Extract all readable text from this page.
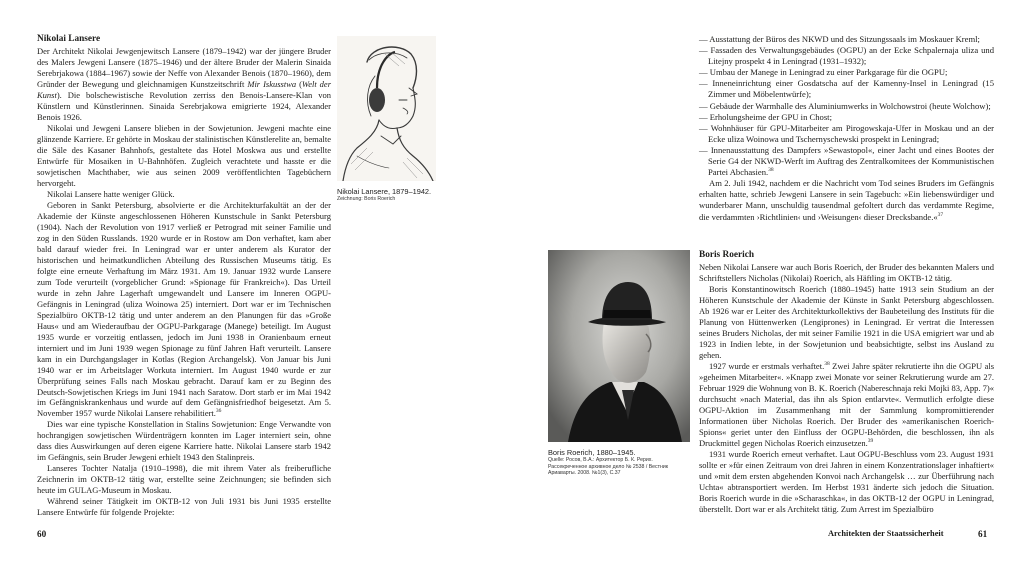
Nikolai Lansere

Der Architekt Nikolai Jewgenjewitsch Lansere (1879–1942) war der jüngere Bruder des Malers Jewgeni Lansere (1875–1946) und der ältere Bruder der Malerin Sinaida Serebrjakowa (1884–1967) sowie der Neffe von Alexander Benois (1870–1960), dem Gründer der Bewegung und gleichnamigen Kunstzeitschrift Mir Iskusstwa (Welt der Kunst). Die bolschewistische Revolution zerriss den Benois-Lansere-Klan von Künstlern und Künstlerinnen. Sinaida Serebrjakowa emigrierte 1924, Alexander Benois 1926.

Nikolai und Jewgeni Lansere blieben in der Sowjetunion. Jewgeni machte eine glänzende Karriere. Er gehörte in Moskau der stalinistischen Künstlerelite an, bemalte die Säle des Kasaner Bahnhofs, gestaltete das Hotel Moskwa aus und erstellte Entwürfe für Mosaiken in U-Bahnhöfen. Zugleich verachtete und hasste er die sowjetischen Machthaber, wie aus seinen 2009 veröffentlichten Tagebüchern hervorgeht.

Nikolai Lansere hatte weniger Glück.

Geboren in Sankt Petersburg, absolvierte er die Architekturfakultät an der der Akademie der Künste angeschlossenen Höheren Kunstschule in Sankt Petersburg (1904). Nach der Revolution von 1917 verließ er Petrograd mit seiner Familie und zog in den Süden Russlands. 1920 wurde er in Rostow am Don verhaftet, kam aber bald darauf wieder frei. In Leningrad war er unter anderem als Kurator der historischen und heimatkundlichen Abteilung des Russischen Museums tätig. Es folgte eine erneute Verhaftung im März 1931. Am 19. Januar 1932 wurde Lansere zum Tode verurteilt (vorgeblicher Grund: »Spionage für Frankreich«). Das Urteil wurde in zehn Jahre Lagerhaft umgewandelt und Lansere im Inneren OGPU-Gefängnis in Leningrad (uliza Woinowa 25) interniert. Dort war er im Technischen Spezialbüro OKTB-12 tätig und unter anderem an den Planungen für das »Große Haus« und am Wiederaufbau der OGPU-Parkgarage (Manege) beteiligt. Im August 1935 wurde er vorzeitig entlassen, jedoch im Juni 1938 in Oranienbaum erneut interniert und im Juni 1939 wegen Spionage zu fünf Jahren Haft verurteilt. Lansere kam in ein Durchgangslager in Kotlas (Region Archangelsk). Von Januar bis Juni 1940 war er im Arbeitslager Workuta interniert. Im August 1940 wurde er zur Überprüfung seines Falls nach Moskau gebracht. Darauf kam er zu Beginn des Deutsch-Sowjetischen Kriegs im Juni 1941 nach Saratow. Dort starb er im Mai 1942 im Gefängniskrankenhaus und wurde auf dem Gefängnisfriedhof beigesetzt. Am 5. November 1957 wurde Nikolai Lansere rehabilitiert.$^{36}$

Dies war eine typische Konstellation in Stalins Sowjetunion: Enge Verwandte von hochrangigen sowjetischen Würdenträgern konnten im Lager interniert sein, ohne dass dies Auswirkungen auf deren eigene Karriere hatte. Nikolai Lansere starb 1942 im Gefängnis, sein Bruder Jewgeni erhielt 1943 den Stalinpreis.

Lanseres Tochter Natalja (1910–1998), die mit ihrem Vater als freiberufliche Zeichnerin im OKTB-12 tätig war, erstellte seine Zeichnungen; sie befinden sich heute im GULAG-Museum in Moskau.

Während seiner Tätigkeit im OKTB-12 von Juli 1931 bis Juni 1935 erstellte Lansere Entwürfe für folgende Projekte:

Nikolai Lansere, 1879–1942.
Zeichnung: Boris Roerich
60
— Ausstattung der Büros des NKWD und des Sitzungssaals im Moskauer Kreml;
— Fassaden des Verwaltungsgebäudes (OGPU) an der Ecke Schpalernaja uliza und Litejny prospekt 4 in Leningrad (1931–1932);
— Umbau der Manege in Leningrad zu einer Parkgarage für die OGPU;
— Inneneinrichtung einer Gosdatscha auf der Kamenny-Insel in Leningrad (15 Zimmer und Möbelentwürfe);
— Gebäude der Warmhalle des Aluminiumwerks in Wolchowstroi (heute Wolchow);
— Erholungsheime der GPU in Chost;
— Wohnhäuser für GPU-Mitarbeiter am Pirogowskaja-Ufer in Moskau und an der Ecke uliza Woinowa und Tschernyschewski prospekt in Leningrad;
— Innenausstattung des Dampfers »Sewastopol«, einer Jacht und eines Bootes der Serie G4 der NKWD-Werft im Auftrag des Zentralkomitees der Kommunistischen Partei Abchasien.$^{38}$

Am 2. Juli 1942, nachdem er die Nachricht vom Tod seines Bruders im Gefängnis erhalten hatte, schrieb Jewgeni Lansere in sein Tagebuch: »Ein liebenswürdiger und wunderbarer Mann, unschuldig tausendmal gefoltert durch das verdammte Regime, die verdammten ›Richtlinien‹ und ›Weisungen‹ dieser Drecksbande.«$^{37}$

Boris Roerich, 1880–1945.
Quelle: Росов, В.А.: Архитектор Б. К. Рерих.
Рассекреченное архивное дело № 2538 / Вестник
Ариаварты. 2008. №1(3), С.37

Boris Roerich

Neben Nikolai Lansere war auch Boris Roerich, der Bruder des bekannten Malers und Schriftstellers Nicholas (Nikolai) Roerich, als Häftling im OKTB-12 tätig.

Boris Konstantinowitsch Roerich (1880–1945) hatte 1913 sein Studium an der Höheren Kunstschule der Akademie der Künste in Sankt Petersburg abgeschlossen. Ab 1926 war er Leiter des Architekturkollektivs der Baubeteilung des Instituts für die Planung von Hüttenwerken (Lengiprones) in Leningrad. Er vertrat die Interessen seines Bruders Nicholas, der mit seiner Familie 1921 in die USA emigriert war und ab 1923 in Indien lebte, in der Sowjetunion und beabsichtigte, selbst ins Ausland zu gehen.

1927 wurde er erstmals verhaftet.$^{38}$ Zwei Jahre später rekrutierte ihn die OGPU als »geheimen Mitarbeiter«. »Knapp zwei Monate vor seiner Rekrutierung wurde am 27. Februar 1929 die Wohnung von B. K. Roerich (Nabereschnaja reki Mojki 83, App. 7)« durchsucht »nach Material, das ihn als Spion entlarvte«. Vermutlich erfolgte diese OGPU-Aktion im Zusammenhang mit der Sammlung kompromittierender Informationen über Nicholas Roerich. Der Bruder des »amerikanischen Roerich-Spions« geriet unter den Einfluss der OGPU-Behörden, die beschlossen, ihn als Druckmittel gegen Nicholas Roerich einzusetzen.$^{39}$

1931 wurde Roerich erneut verhaftet. Laut OGPU-Beschluss vom 23. August 1931 sollte er »für einen Zeitraum von drei Jahren in einem Konzentrationslager inhaftiert« und »mit dem ersten abgehenden Konvoi nach Archangelsk … zur Überführung nach Uchta« abtransportiert werden. Im Herbst 1931 änderte sich jedoch die Situation. Boris Roerich wurde in die »Scharaschka«, in das OKTB-12 der OGPU in Leningrad, überstellt. Dort war er als Architekt tätig. Zum Arrest im Spezialbüro

Architekten der Staatssicherheit	61
